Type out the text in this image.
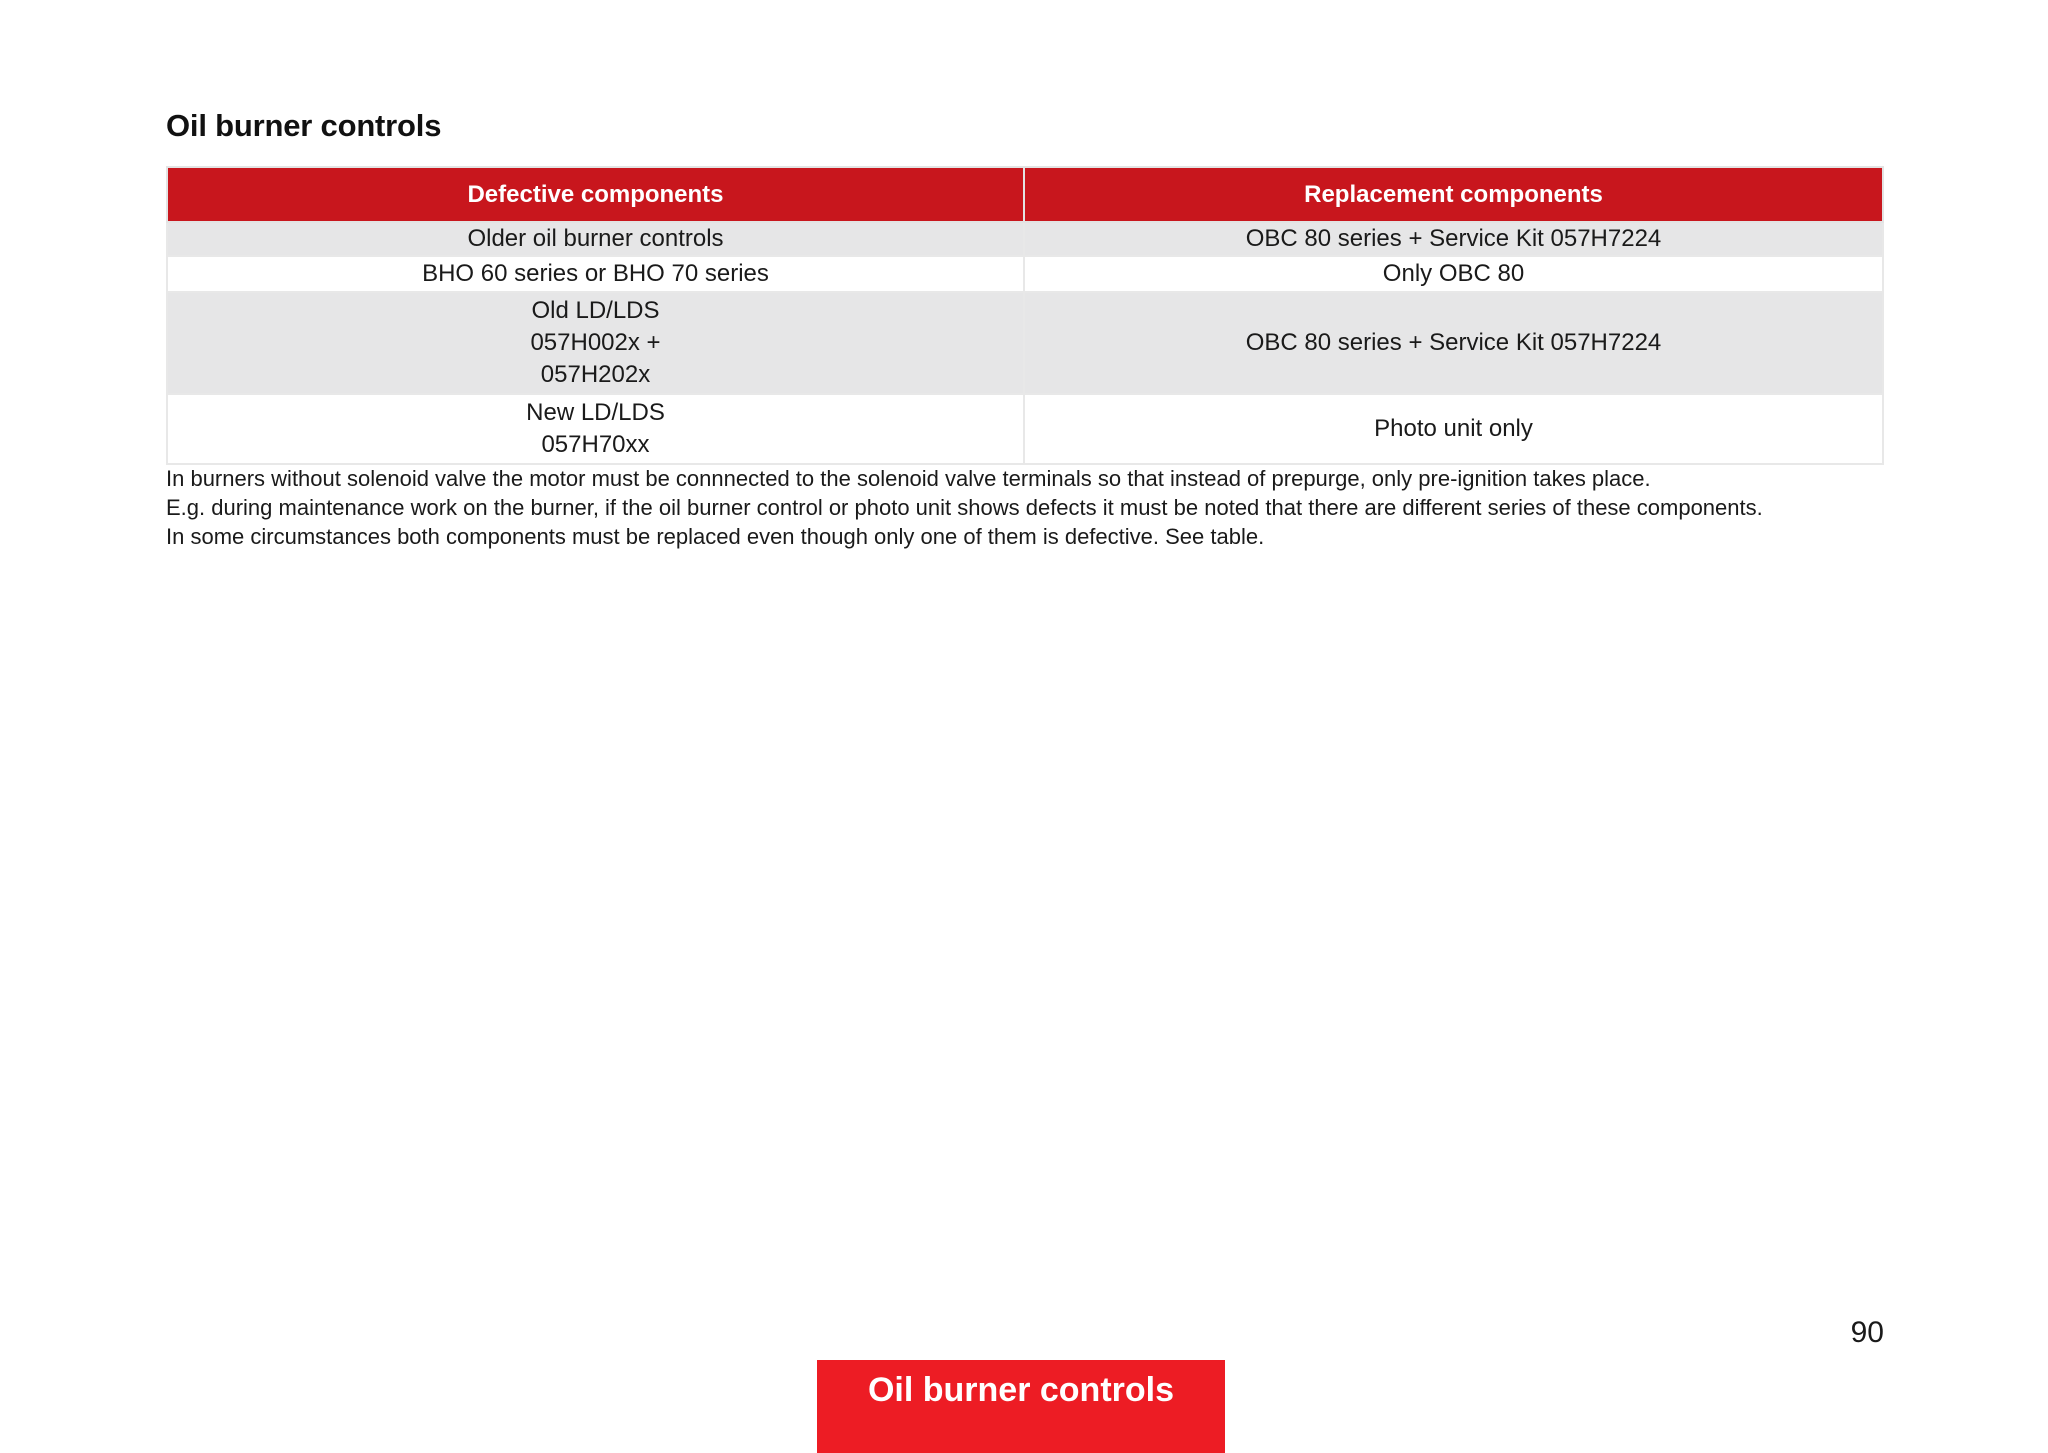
Oil burner controls
Defective components	Replacement components

Older oil burner controls	OBC 80 series + Service Kit 057H7224

BHO 60 series or BHO 70 series	Only OBC 80

Old LD/LDS
057H002x +
057H202x	OBC 80 series + Service Kit 057H7224

New LD/LDS
057H70xx	Photo unit only

In burners without solenoid valve the motor must be connnected to the solenoid valve terminals so that instead of prepurge, only pre-ignition takes place.

E.g. during maintenance work on the burner, if the oil burner control or photo unit shows defects it must be noted that there are different series of these components.

In some circumstances both components must be replaced even though only one of them is defective. See table.

90
Oil burner controls
